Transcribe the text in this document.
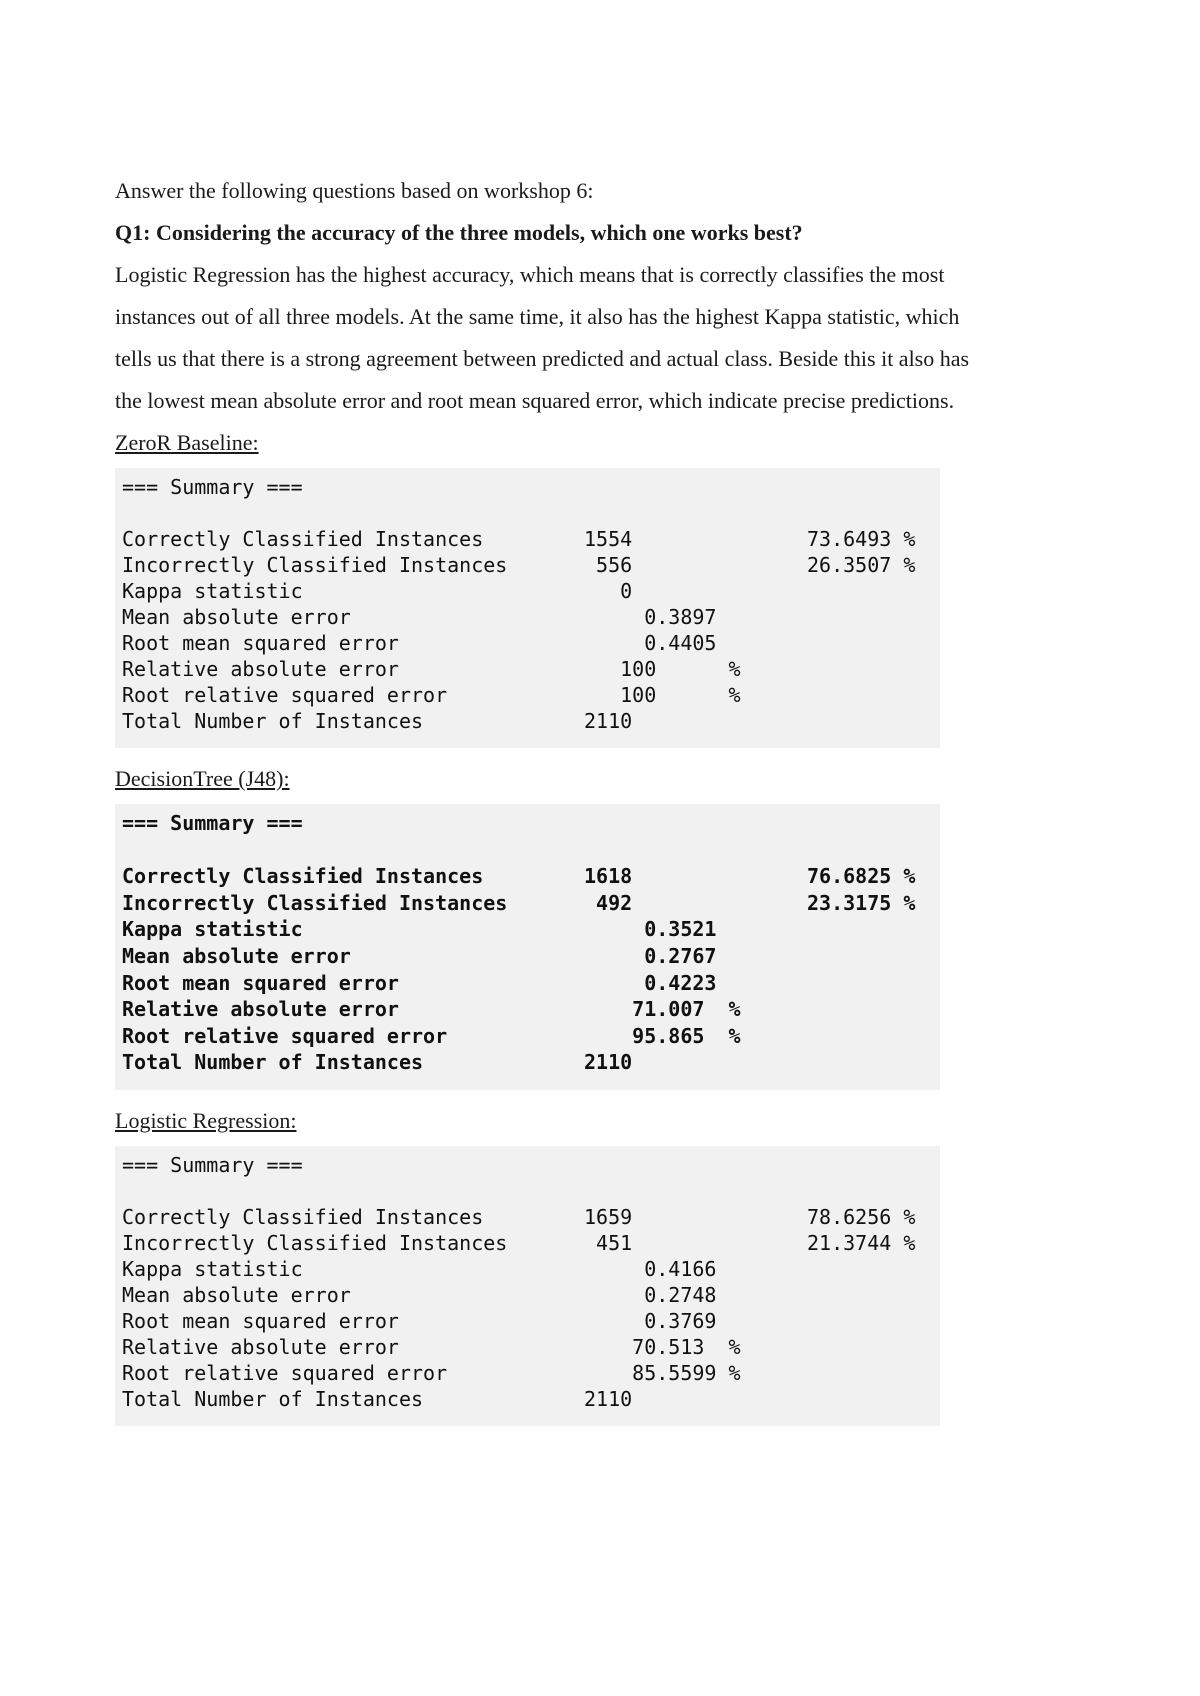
Answer the following questions based on workshop 6:

Q1: Considering the accuracy of the three models, which one works best?

Logistic Regression has the highest accuracy, which means that is correctly classifies the most

instances out of all three models. At the same time, it also has the highest Kappa statistic, which

tells us that there is a strong agreement between predicted and actual class. Beside this it also has

the lowest mean absolute error and root mean squared error, which indicate precise predictions.

ZeroR Baseline:

=== Summary ===
Correctly Classified Instances	1554	73.6493 %
Incorrectly Classified Instances	556	26.3507 %
Kappa statistic	0
Mean absolute error	0.3897
Root mean squared error	0.4405
Relative absolute error	100      %
Root relative squared error	100      %
Total Number of Instances	2110

DecisionTree (J48):

=== Summary ===
Correctly Classified Instances	1618	76.6825 %
Incorrectly Classified Instances	492	23.3175 %
Kappa statistic	0.3521
Mean absolute error	0.2767
Root mean squared error	0.4223
Relative absolute error	71.007  %
Root relative squared error	95.865  %
Total Number of Instances	2110

Logistic Regression:

=== Summary ===
Correctly Classified Instances	1659	78.6256 %
Incorrectly Classified Instances	451	21.3744 %
Kappa statistic	0.4166
Mean absolute error	0.2748
Root mean squared error	0.3769
Relative absolute error	70.513  %
Root relative squared error	85.5599 %
Total Number of Instances	2110
